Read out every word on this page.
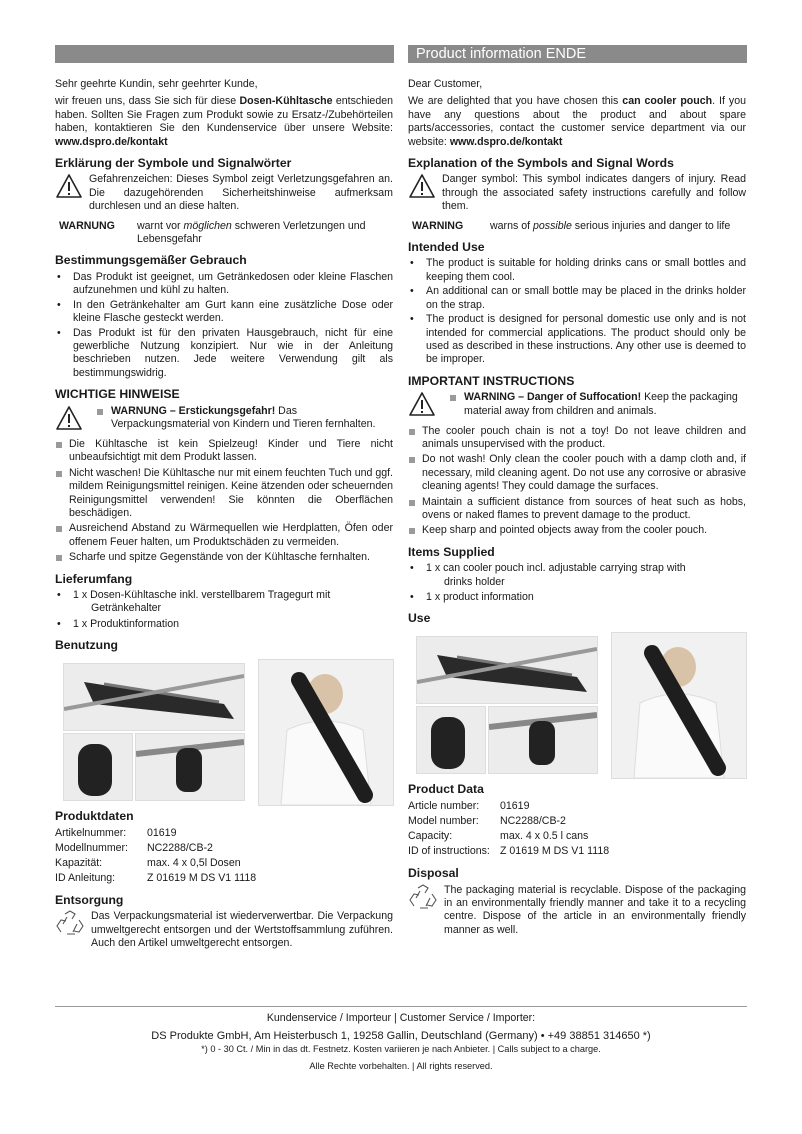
Product information ENDE

Sehr geehrte Kundin, sehr geehrter Kunde,

wir freuen uns, dass Sie sich für diese Dosen-Kühltasche entschieden haben. Sollten Sie Fragen zum Produkt sowie zu Ersatz-/Zubehörteilen haben, kontaktieren Sie den Kundenservice über unsere Website: www.dspro.de/kontakt

Erklärung der Symbole und Signalwörter
Gefahrenzeichen: Dieses Symbol zeigt Verletzungsgefahren an. Die dazugehörenden Sicherheitshinweise aufmerksam durchlesen und an diese halten.
WARNUNG	warnt vor möglichen schweren Verletzungen und Lebensgefahr
Bestimmungsgemäßer Gebrauch
• Das Produkt ist geeignet, um Getränkedosen oder kleine Flaschen aufzunehmen und kühl zu halten.
• In den Getränkehalter am Gurt kann eine zusätzliche Dose oder kleine Flasche gesteckt werden.
• Das Produkt ist für den privaten Hausgebrauch, nicht für eine gewerbliche Nutzung konzipiert. Nur wie in der Anleitung beschrieben nutzen. Jede weitere Verwendung gilt als bestimmungswidrig.
WICHTIGE HINWEISE
WARNUNG – Erstickungsgefahr! Das Verpackungsmaterial von Kindern und Tieren fernhalten.
Die Kühltasche ist kein Spielzeug! Kinder und Tiere nicht unbeaufsichtigt mit dem Produkt lassen.
Nicht waschen! Die Kühltasche nur mit einem feuchten Tuch und ggf. mildem Reinigungsmittel reinigen. Keine ätzenden oder scheuernden Reinigungsmittel verwenden! Sie könnten die Oberflächen beschädigen.
Ausreichend Abstand zu Wärmequellen wie Herdplatten, Öfen oder offenem Feuer halten, um Produktschäden zu vermeiden.
Scharfe und spitze Gegenstände von der Kühltasche fernhalten.
Lieferumfang
• 1 x Dosen-Kühltasche inkl. verstellbarem Tragegurt mit
Getränkehalter
• 1 x Produktinformation
Benutzung
Produktdaten
Artikelnummer:	01619
Modellnummer:	NC2288/CB-2
Kapazität:	max. 4 x 0,5l Dosen
ID Anleitung:	Z 01619 M DS V1 1118
Entsorgung
Das Verpackungsmaterial ist wiederverwertbar. Die Verpackung umweltgerecht entsorgen und der Wertstoffsammlung zuführen. Auch den Artikel umweltgerecht entsorgen.

Dear Customer,

We are delighted that you have chosen this can cooler pouch. If you have any questions about the product and about spare parts/accessories, contact the customer service department via our website: www.dspro.de/kontakt

Explanation of the Symbols and Signal Words
Danger symbol: This symbol indicates dangers of injury. Read through the associated safety instructions carefully and follow them.
WARNING	warns of possible serious injuries and danger to life
Intended Use
• The product is suitable for holding drinks cans or small bottles and keeping them cool.
• An additional can or small bottle may be placed in the drinks holder on the strap.
• The product is designed for personal domestic use only and is not intended for commercial applications. The product should only be used as described in these instructions. Any other use is deemed to be improper.
IMPORTANT INSTRUCTIONS
WARNING – Danger of Suffocation! Keep the packaging material away from children and animals.
The cooler pouch chain is not a toy! Do not leave children and animals unsupervised with the product.
Do not wash! Only clean the cooler pouch with a damp cloth and, if necessary, mild cleaning agent. Do not use any corrosive or abrasive cleaning agents! They could damage the surfaces.
Maintain a sufficient distance from sources of heat such as hobs, ovens or naked flames to prevent damage to the product.
Keep sharp and pointed objects away from the cooler pouch.
Items Supplied
• 1 x can cooler pouch incl. adjustable carrying strap with
drinks holder
• 1 x product information
Use
Product Data
Article number:	01619
Model number:	NC2288/CB-2
Capacity:	max. 4 x 0.5 l cans
ID of instructions: Z 01619 M DS V1 1118
Disposal
The packaging material is recyclable. Dispose of the packaging in an environmentally friendly manner and take it to a recycling centre. Dispose of the article in an environmentally friendly manner as well.
Kundenservice / Importeur | Customer Service / Importer:
DS Produkte GmbH, Am Heisterbusch 1, 19258 Gallin, Deutschland (Germany) • +49 38851 314650 *)
*) 0 - 30 Ct. / Min in das dt. Festnetz. Kosten variieren je nach Anbieter. | Calls subject to a charge.
Alle Rechte vorbehalten. | All rights reserved.
